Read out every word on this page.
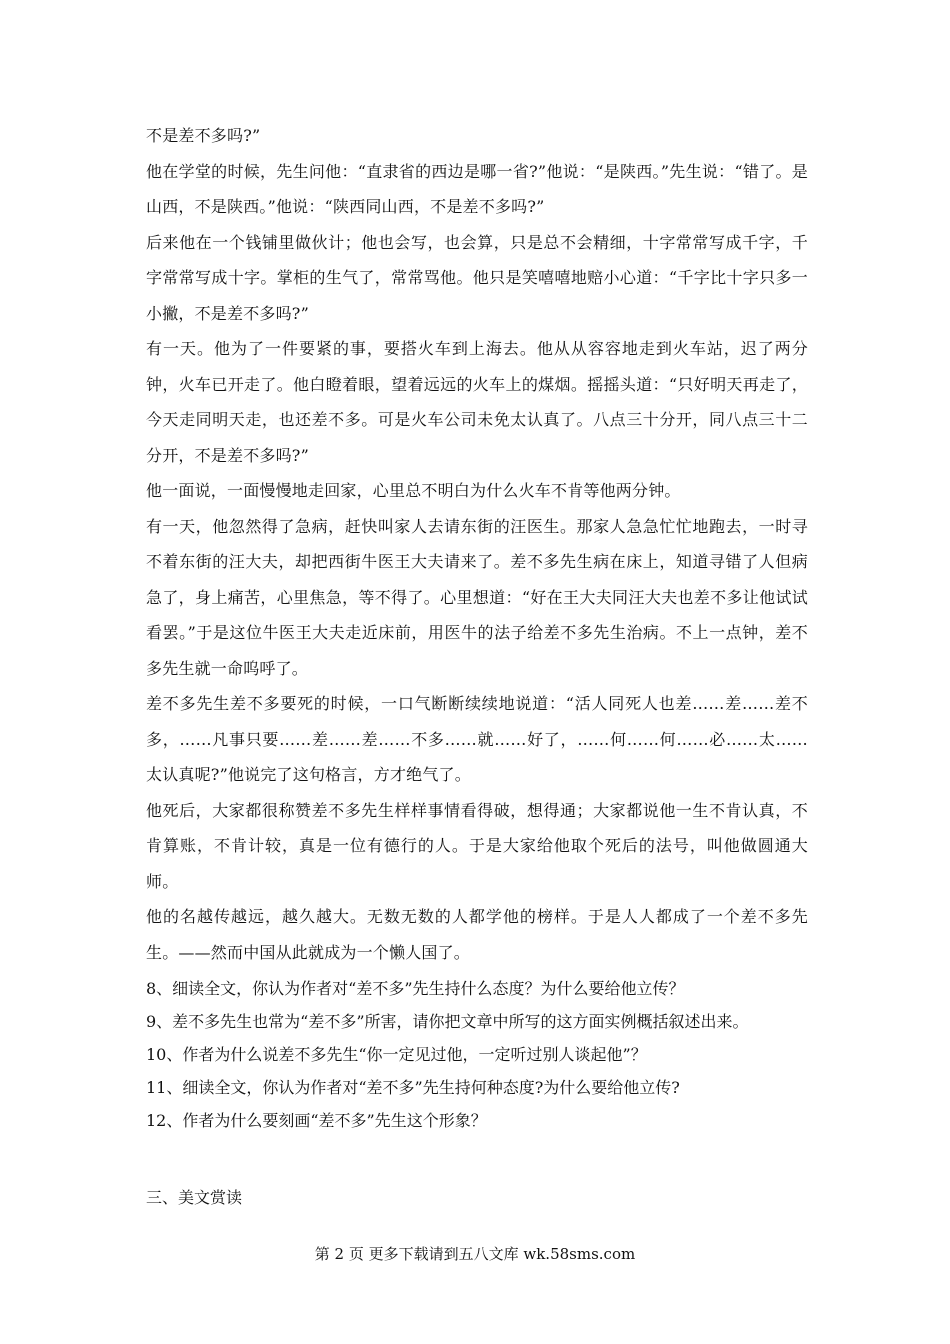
不是差不多吗?”

他在学堂的时候，先生问他：“直隶省的西边是哪一省?”他说：“是陕西。”先生说：“错了。是山西，不是陕西。”他说：“陕西同山西，不是差不多吗?”

后来他在一个钱铺里做伙计；他也会写，也会算，只是总不会精细，十字常常写成千字，千字常常写成十字。掌柜的生气了，常常骂他。他只是笑嘻嘻地赔小心道：“千字比十字只多一小撇，不是差不多吗?”

有一天。他为了一件要紧的事，要搭火车到上海去。他从从容容地走到火车站，迟了两分钟，火车已开走了。他白瞪着眼，望着远远的火车上的煤烟。摇摇头道：“只好明天再走了，今天走同明天走，也还差不多。可是火车公司未免太认真了。八点三十分开，同八点三十二分开，不是差不多吗?”

他一面说，一面慢慢地走回家，心里总不明白为什么火车不肯等他两分钟。

有一天，他忽然得了急病，赶快叫家人去请东街的汪医生。那家人急急忙忙地跑去，一时寻不着东街的汪大夫，却把西街牛医王大夫请来了。差不多先生病在床上，知道寻错了人但病急了，身上痛苦，心里焦急，等不得了。心里想道：“好在王大夫同汪大夫也差不多让他试试看罢。”于是这位牛医王大夫走近床前，用医牛的法子给差不多先生治病。不上一点钟，差不多先生就一命呜呼了。

差不多先生差不多要死的时候，一口气断断续续地说道：“活人同死人也差……差……差不多，……凡事只要……差……差……不多……就……好了，……何……何……必……太……太认真呢?”他说完了这句格言，方才绝气了。

他死后，大家都很称赞差不多先生样样事情看得破，想得通；大家都说他一生不肯认真，不肯算账，不肯计较，真是一位有德行的人。于是大家给他取个死后的法号，叫他做圆通大师。

他的名越传越远，越久越大。无数无数的人都学他的榜样。于是人人都成了一个差不多先生。——然而中国从此就成为一个懒人国了。

8、细读全文，你认为作者对“差不多”先生持什么态度？为什么要给他立传？

9、差不多先生也常为“差不多”所害，请你把文章中所写的这方面实例概括叙述出来。

10、作者为什么说差不多先生“你一定见过他，一定听过别人谈起他”？

11、细读全文，你认为作者对“差不多”先生持何种态度?为什么要给他立传?

12、作者为什么要刻画“差不多”先生这个形象？

三、美文赏读

第 2 页 更多下载请到五八文库 wk.58sms.com
